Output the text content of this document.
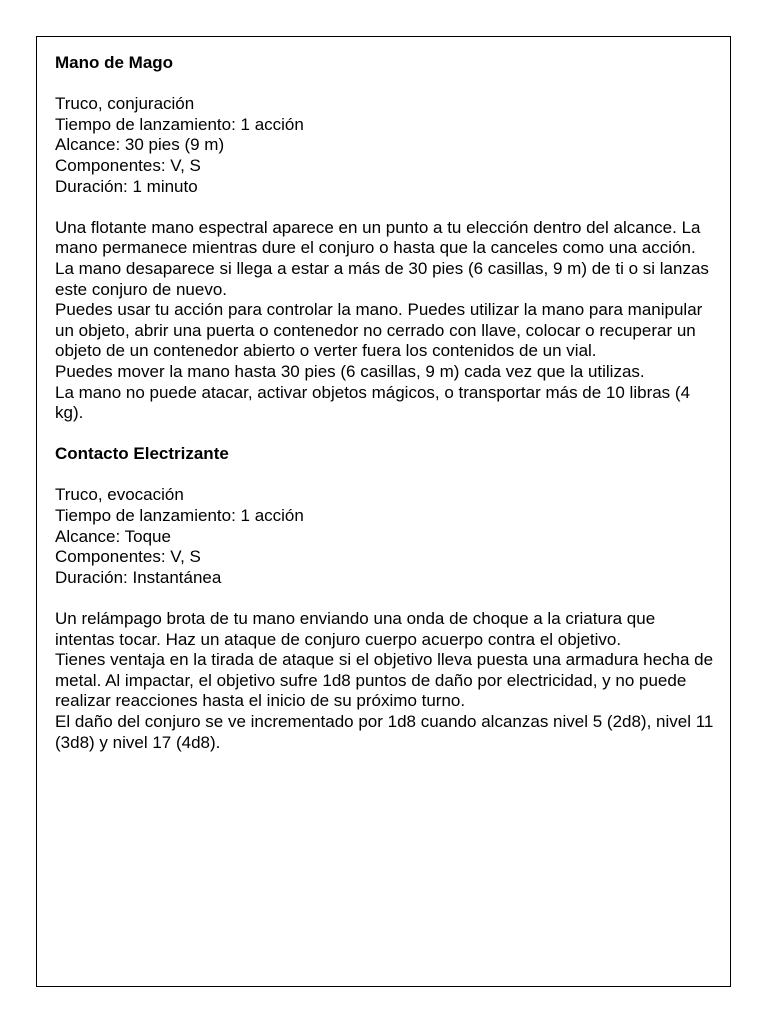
Mano de Mago

Truco, conjuración

Tiempo de lanzamiento: 1 acción

Alcance: 30 pies (9 m)

Componentes: V, S

Duración: 1 minuto

Una flotante mano espectral aparece en un punto a tu elección dentro del alcance. La mano permanece mientras dure el conjuro o hasta que la canceles como una acción. La mano desaparece si llega a estar a más de 30 pies (6 casillas, 9 m) de ti o si lanzas este conjuro de nuevo.

Puedes usar tu acción para controlar la mano. Puedes utilizar la mano para manipular un objeto, abrir una puerta o contenedor no cerrado con llave, colocar o recuperar un objeto de un contenedor abierto o verter fuera los contenidos de un vial.

Puedes mover la mano hasta 30 pies (6 casillas, 9 m) cada vez que la utilizas.

La mano no puede atacar, activar objetos mágicos, o transportar más de 10 libras (4 kg).

Contacto Electrizante

Truco, evocación

Tiempo de lanzamiento: 1 acción

Alcance: Toque

Componentes: V, S

Duración: Instantánea

Un relámpago brota de tu mano enviando una onda de choque a la criatura que intentas tocar. Haz un ataque de conjuro cuerpo acuerpo contra el objetivo.

Tienes ventaja en la tirada de ataque si el objetivo lleva puesta una armadura hecha de metal. Al impactar, el objetivo sufre 1d8 puntos de daño por electricidad, y no puede realizar reacciones hasta el inicio de su próximo turno.

El daño del conjuro se ve incrementado por 1d8 cuando alcanzas nivel 5 (2d8), nivel 11 (3d8) y nivel 17 (4d8).
